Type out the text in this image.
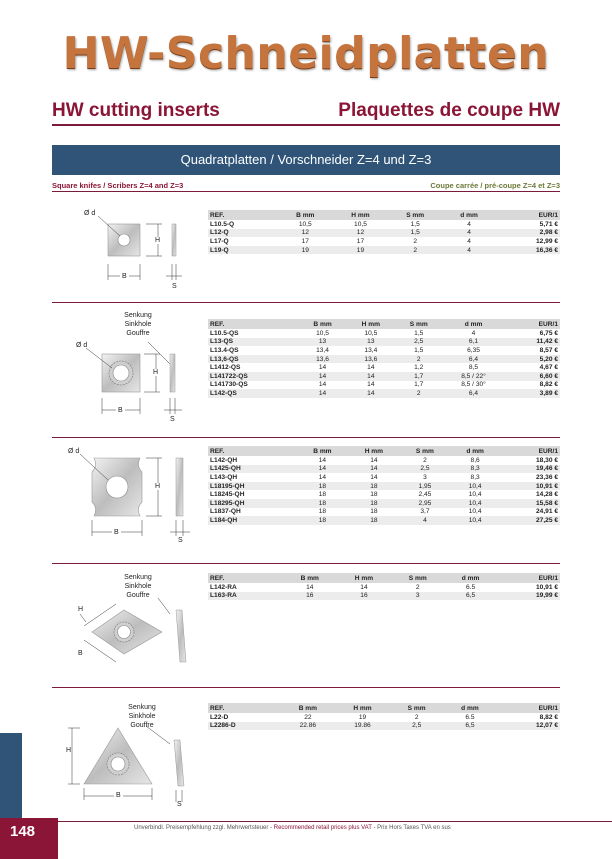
HW-Schneidplatten
HW cutting inserts	Plaquettes de coupe HW
Quadratplatten / Vorschneider Z=4 und Z=3
Square knifes / Scribers Z=4 and Z=3	Coupe carrée / pré-coupe Z=4 et Z=3
Ø d
B
H
S
REF.	B mm	H mm	S mm	d mm	EUR/1
L10.5-Q	10,5	10,5	1,5	4	5,71 €
L12-Q	12	12	1,5	4	2,98 €
L17-Q	17	17	2	4	12,99 €
L19-Q	19	19	2	4	16,36 €
Senkung
Sinkhole
Gouffre
Ø d
B
H
S
REF.	B mm	H mm	S mm	d mm	EUR/1
L10.5-QS	10,5	10,5	1,5	4	6,75 €
L13-QS	13	13	2,5	6,1	11,42 €
L13.4-QS	13,4	13,4	1,5	6,35	8,57 €
L13,6-QS	13,6	13,6	2	6,4	5,20 €
L1412-QS	14	14	1,2	8,5	4,67 €
L141722-QS	14	14	1,7	8,5 / 22°	6,60 €
L141730-QS	14	14	1,7	8,5 / 30°	8,82 €
L142-QS	14	14	2	6,4	3,89 €
Ø d
B
H
S
REF.	B mm	H mm	S mm	d mm	EUR/1
L142-QH	14	14	2	8,6	18,30 €
L1425-QH	14	14	2,5	8,3	19,46 €
L143-QH	14	14	3	8,3	23,36 €
L18195-QH	18	18	1,95	10,4	10,91 €
L18245-QH	18	18	2,45	10,4	14,28 €
L18295-QH	18	18	2,95	10,4	15,58 €
L1837-QH	18	18	3,7	10,4	24,91 €
L184-QH	18	18	4	10,4	27,25 €
Senkung
Sinkhole
Gouffre
H
B
REF.	B mm	H mm	S mm	d mm	EUR/1
L142-RA	14	14	2	6.5	10,91 €
L163-RA	16	16	3	6,5	19,99 €
Senkung
Sinkhole
Gouffre
H
B
S
REF.	B mm	H mm	S mm	d mm	EUR/1
L22-D	22	19	2	6.5	8,82 €
L2286-D	22.86	19.86	2,5	6,5	12,07 €
148	Unverbindl. Preisempfehlung zzgl. Mehrwertsteuer - Recommended retail prices plus VAT - Prix Hors Taxes TVA en sus
